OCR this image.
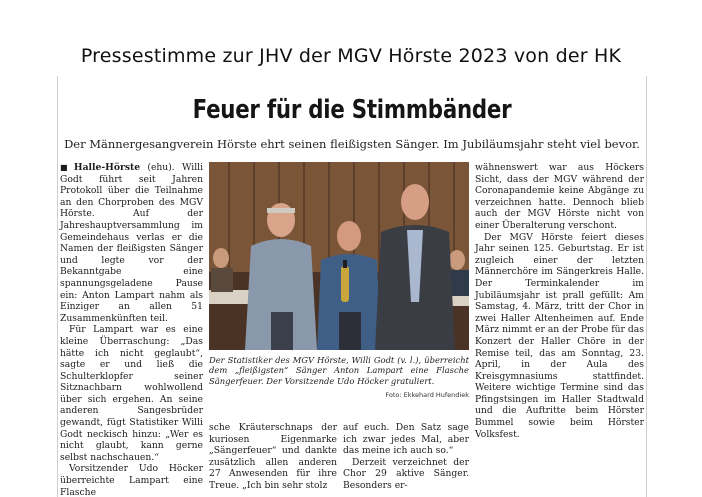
Pressestimme zur JHV der MGV Hörste 2023 von der HK
Feuer für die Stimmbänder
Der Männergesangverein Hörste ehrt seinen fleißigsten Sänger. Im Jubiläumsjahr steht viel bevor.

■ Halle-Hörste (ehu). Willi Godt führt seit Jahren Protokoll über die Teilnahme an den Chorproben des MGV Hörste. Auf der Jahreshauptversammlung im Gemeindehaus verlas er die Namen der fleißigsten Sänger und legte vor der Bekanntgabe eine spannungsgeladene Pause ein: Anton Lampart nahm als Einziger an allen 51 Zusammenkünften teil.

Für Lampart war es eine kleine Überraschung: „Das hätte ich nicht geglaubt“, sagte er und ließ die Schulterklopfer seiner Sitznachbarn wohlwollend über sich ergehen. An seine anderen Sangesbrüder gewandt, fügt Statistiker Willi Godt neckisch hinzu: „Wer es nicht glaubt, kann gerne selbst nachschauen.“

Vorsitzender Udo Höcker überreichte Lampart eine Flasche

Der Statistiker des MGV Hörste, Willi Godt (v. l.), überreicht dem „fleißigsten“ Sänger Anton Lampart eine Flasche Sängerfeuer. Der Vorsitzende Udo Höcker gratuliert.
Foto: Ekkehard Hufendiek

sche Kräuterschnaps der kuriosen Eigenmarke „Sängerfeuer“ und dankte zusätzlich allen anderen 27 Anwesenden für ihre Treue. „Ich bin sehr stolz

auf euch. Den Satz sage ich zwar jedes Mal, aber das meine ich auch so.“

Derzeit verzeichnet der Chor 29 aktive Sänger. Besonders er-

wähnenswert war aus Höckers Sicht, dass der MGV während der Coronapandemie keine Abgänge zu verzeichnen hatte. Dennoch blieb auch der MGV Hörste nicht von einer Überalterung verschont.

Der MGV Hörste feiert dieses Jahr seinen 125. Geburtstag. Er ist zugleich einer der letzten Männerchöre im Sängerkreis Halle. Der Terminkalender im Jubiläumsjahr ist prall gefüllt: Am Samstag, 4. März, tritt der Chor in zwei Haller Altenheimen auf. Ende März nimmt er an der Probe für das Konzert der Haller Chöre in der Remise teil, das am Sonntag, 23. April, in der Aula des Kreisgymnasiums stattfindet. Weitere wichtige Termine sind das Pfingstsingen im Haller Stadtwald und die Auftritte beim Hörster Bummel sowie beim Hörster Volksfest.
